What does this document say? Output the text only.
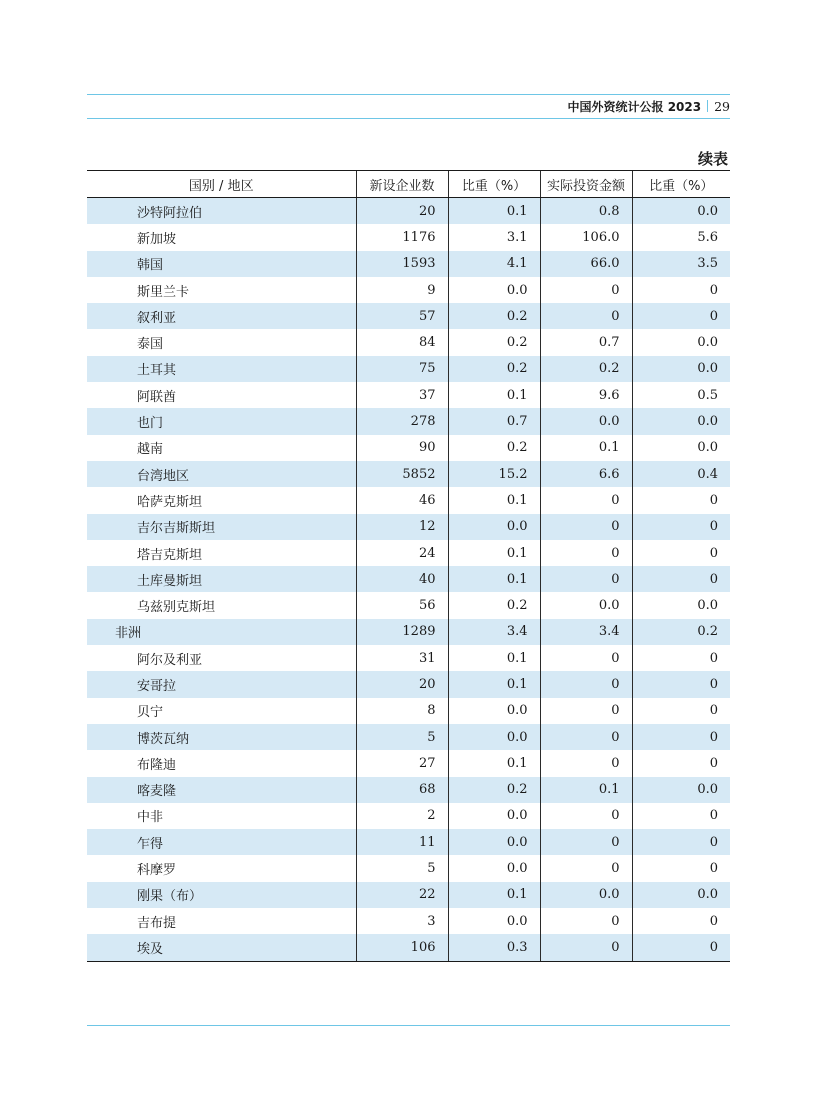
中国外资统计公报 2023 29
续表
国别 / 地区	新设企业数	比重（%）	实际投资金额	比重（%）
沙特阿拉伯	20	0.1	0.8	0.0
新加坡	1176	3.1	106.0	5.6
韩国	1593	4.1	66.0	3.5
斯里兰卡	9	0.0	0	0
叙利亚	57	0.2	0	0
泰国	84	0.2	0.7	0.0
土耳其	75	0.2	0.2	0.0
阿联酋	37	0.1	9.6	0.5
也门	278	0.7	0.0	0.0
越南	90	0.2	0.1	0.0
台湾地区	5852	15.2	6.6	0.4
哈萨克斯坦	46	0.1	0	0
吉尔吉斯斯坦	12	0.0	0	0
塔吉克斯坦	24	0.1	0	0
土库曼斯坦	40	0.1	0	0
乌兹别克斯坦	56	0.2	0.0	0.0
非洲	1289	3.4	3.4	0.2
阿尔及利亚	31	0.1	0	0
安哥拉	20	0.1	0	0
贝宁	8	0.0	0	0
博茨瓦纳	5	0.0	0	0
布隆迪	27	0.1	0	0
喀麦隆	68	0.2	0.1	0.0
中非	2	0.0	0	0
乍得	11	0.0	0	0
科摩罗	5	0.0	0	0
刚果（布）	22	0.1	0.0	0.0
吉布提	3	0.0	0	0
埃及	106	0.3	0	0
